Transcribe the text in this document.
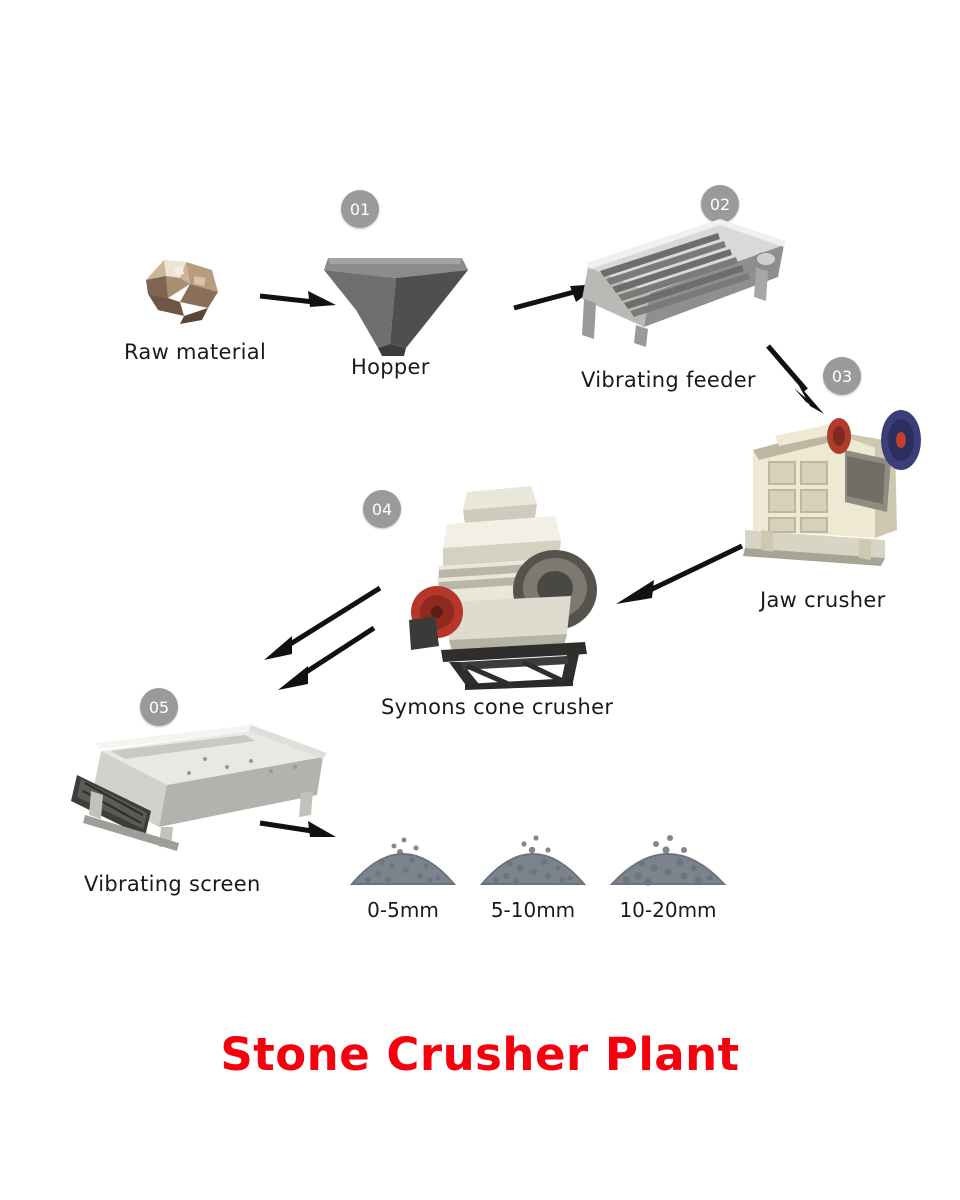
Raw material
01
Hopper
02
Vibrating feeder	03
Jaw crusher
04
Symons cone crusher
05
Vibrating screen
0-5mm	5-10mm	10-20mm
Stone Crusher Plant
